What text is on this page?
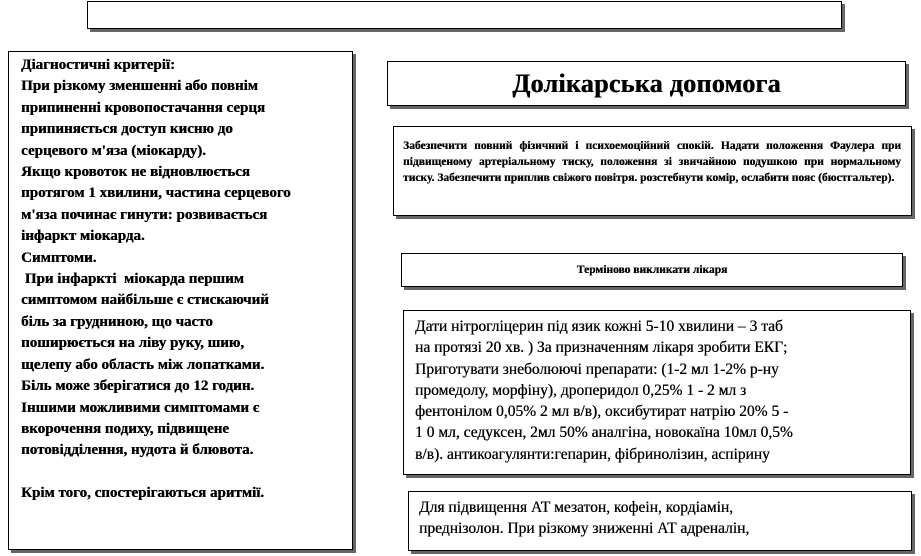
Діагностичні критерії:

При різкому зменшенні або повнім

припиненні кровопостачання серця

припиняється доступ кисню до

серцевого м'яза (міокарду).

Якщо кровоток не відновлюється

протягом 1 хвилини, частина серцевого

м'яза починає гинути: розвивається

інфаркт міокарда.

Симптоми.

При інфаркті  міокарда першим

симптомом найбільше є стискаючий

біль за грудниною, що часто

поширюється на ліву руку, шию,

щелепу або область між лопатками.

Біль може зберігатися до 12 годин.

Іншими можливими симптомами є

вкорочення подиху, підвищене

потовідділення, нудота й блювота.

Крім того, спостерігаються аритмії.

Долікарська допомога
Забезпечити повний фізичний і психоемоційний спокій. Надати положення Фаулера при підвищеному артеріальному тиску, положення зі звичайною подушкою при нормальному тиску. Забезпечити приплив свіжого повітря. розстебнути комір, ослабити пояс (бюстгальтер).
Терміново викликати лікаря

Дати нітрогліцерин під язик кожні 5-10 хвилини – 3 таб

на протязі 20 хв. ) За призначенням лікаря зробити ЕКГ;

Приготувати знеболюючі препарати: (1-2 мл 1-2% р-ну

промедолу, морфіну), дроперидол 0,25% 1 - 2 мл з

фентонілом 0,05% 2 мл в/в), оксибутират натрію 20% 5 -

1 0 мл, седуксен, 2мл 50% аналгіна, новокаїна 10мл 0,5%

в/в). антикоагулянти:гепарин, фібринолізин, аспірину

Для підвищення АТ мезатон, кофеін, кордіамін,

преднізолон. При різкому зниженні АТ адреналін,
